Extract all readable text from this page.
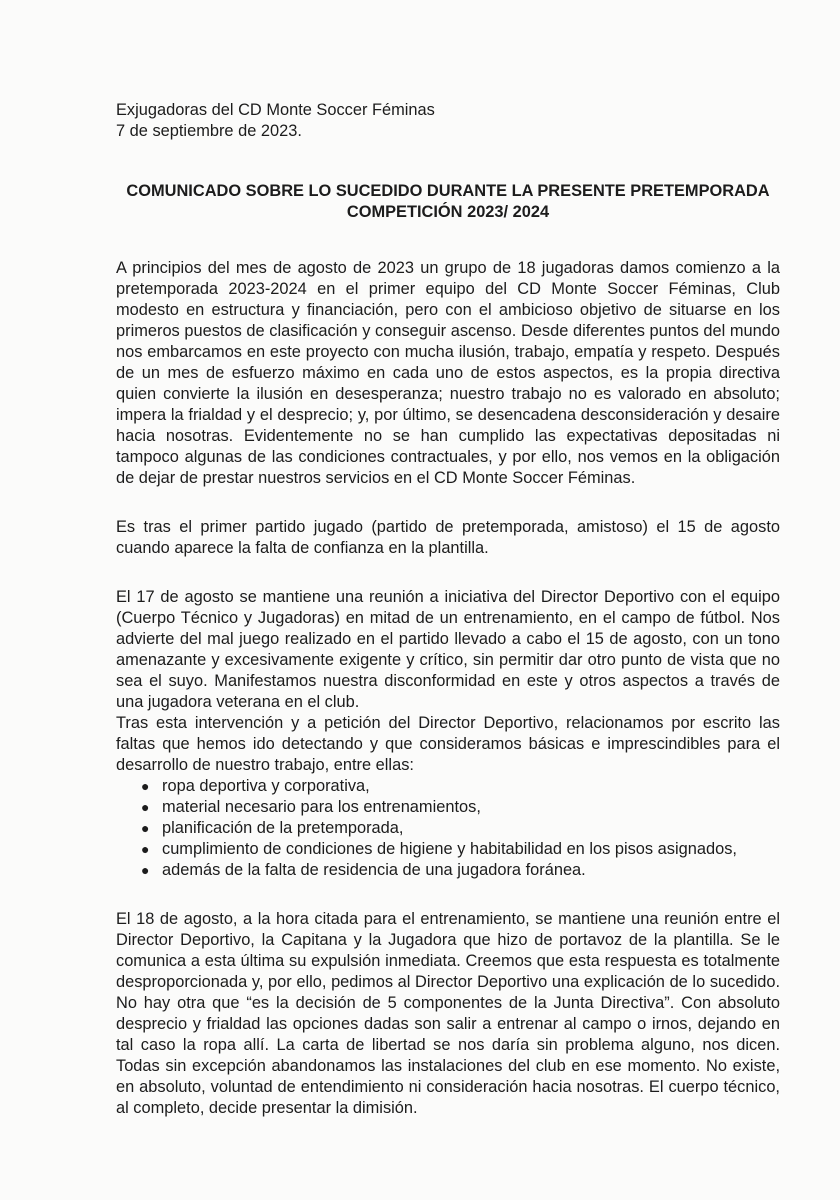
Exjugadoras del CD Monte Soccer Féminas

7 de septiembre de 2023.

COMUNICADO SOBRE LO SUCEDIDO DURANTE LA PRESENTE PRETEMPORADA
COMPETICIÓN 2023/ 2024

A principios del mes de agosto de 2023 un grupo de 18 jugadoras damos comienzo a la pretemporada 2023-2024 en el primer equipo del CD Monte Soccer Féminas, Club modesto en estructura y financiación, pero con el ambicioso objetivo de situarse en los primeros puestos de clasificación y conseguir ascenso. Desde diferentes puntos del mundo nos embarcamos en este proyecto con mucha ilusión, trabajo, empatía y respeto. Después de un mes de esfuerzo máximo en cada uno de estos aspectos, es la propia directiva quien convierte la ilusión en desesperanza; nuestro trabajo no es valorado en absoluto; impera la frialdad y el desprecio; y, por último, se desencadena desconsideración y desaire hacia nosotras. Evidentemente no se han cumplido las expectativas depositadas ni tampoco algunas de las condiciones contractuales, y por ello, nos vemos en la obligación de dejar de prestar nuestros servicios en el CD Monte Soccer Féminas.

Es tras el primer partido jugado (partido de pretemporada, amistoso) el 15 de agosto cuando aparece la falta de confianza en la plantilla.

El 17 de agosto se mantiene una reunión a iniciativa del Director Deportivo con el equipo (Cuerpo Técnico y Jugadoras) en mitad de un entrenamiento, en el campo de fútbol. Nos advierte del mal juego realizado en el partido llevado a cabo el 15 de agosto, con un tono amenazante y excesivamente exigente y crítico, sin permitir dar otro punto de vista que no sea el suyo. Manifestamos nuestra disconformidad en este y otros aspectos a través de una jugadora veterana en el club.

Tras esta intervención y a petición del Director Deportivo, relacionamos por escrito las faltas que hemos ido detectando y que consideramos básicas e imprescindibles para el desarrollo de nuestro trabajo, entre ellas:

● ropa deportiva y corporativa,
● material necesario para los entrenamientos,
● planificación de la pretemporada,
● cumplimiento de condiciones de higiene y habitabilidad en los pisos asignados,
● además de la falta de residencia de una jugadora foránea.

El 18 de agosto, a la hora citada para el entrenamiento, se mantiene una reunión entre el Director Deportivo, la Capitana y la Jugadora que hizo de portavoz de la plantilla. Se le comunica a esta última su expulsión inmediata. Creemos que esta respuesta es totalmente desproporcionada y, por ello, pedimos al Director Deportivo una explicación de lo sucedido. No hay otra que “es la decisión de 5 componentes de la Junta Directiva”. Con absoluto desprecio y frialdad las opciones dadas son salir a entrenar al campo o irnos, dejando en tal caso la ropa allí. La carta de libertad se nos daría sin problema alguno, nos dicen. Todas sin excepción abandonamos las instalaciones del club en ese momento. No existe, en absoluto, voluntad de entendimiento ni consideración hacia nosotras. El cuerpo técnico, al completo, decide presentar la dimisión.
